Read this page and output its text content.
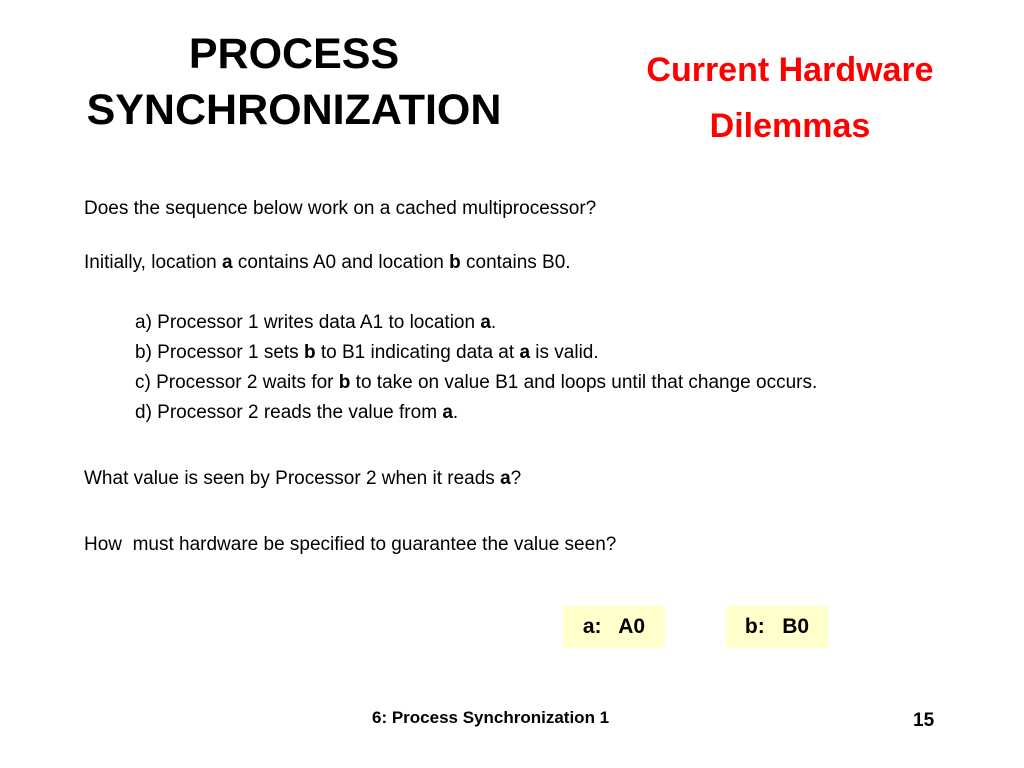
PROCESS
SYNCHRONIZATION
Current Hardware
Dilemmas

Does the sequence below work on a cached multiprocessor?

Initially, location a contains A0 and location b contains B0.

a) Processor 1 writes data A1 to location a.

b) Processor 1 sets b to B1 indicating data at a is valid.

c) Processor 2 waits for b to take on value B1 and loops until that change occurs.

d) Processor 2 reads the value from a.

What value is seen by Processor 2 when it reads a?

How  must hardware be specified to guarantee the value seen?

a:   A0	b:   B0
6: Process Synchronization 1	15
